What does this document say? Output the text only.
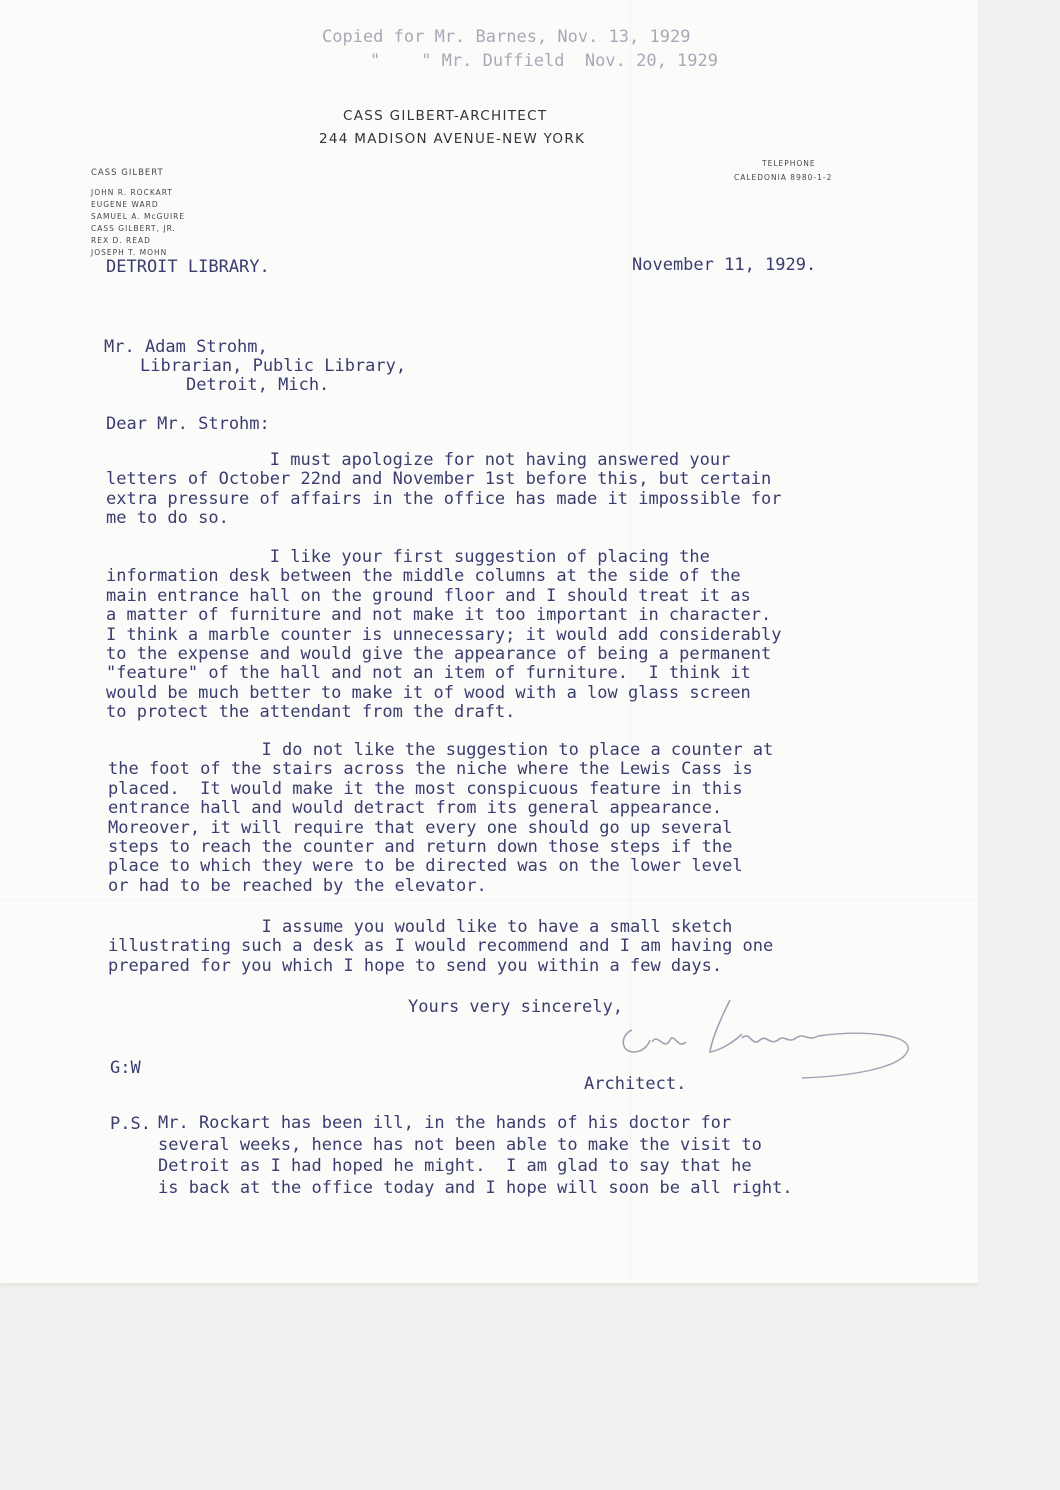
Copied for Mr. Barnes, Nov. 13, 1929

"    " Mr. Duffield  Nov. 20, 1929

CASS GILBERT-ARCHITECT

244 MADISON AVENUE-NEW YORK

CASS GILBERT

JOHN R. ROCKART

EUGENE WARD

SAMUEL A. McGUIRE

CASS GILBERT, JR.

REX D. READ

JOSEPH T. MOHN

TELEPHONE

CALEDONIA 8980-1-2

DETROIT LIBRARY.	November 11, 1929.

Mr. Adam Strohm,

Librarian, Public Library,

Detroit, Mich.

Dear Mr. Strohm:

I must apologize for not having answered your
letters of October 22nd and November 1st before this, but certain
extra pressure of affairs in the office has made it impossible for
me to do so.

I like your first suggestion of placing the
information desk between the middle columns at the side of the
main entrance hall on the ground floor and I should treat it as
a matter of furniture and not make it too important in character.
I think a marble counter is unnecessary; it would add considerably
to the expense and would give the appearance of being a permanent
"feature" of the hall and not an item of furniture.  I think it
would be much better to make it of wood with a low glass screen
to protect the attendant from the draft.

I do not like the suggestion to place a counter at
the foot of the stairs across the niche where the Lewis Cass is
placed.  It would make it the most conspicuous feature in this
entrance hall and would detract from its general appearance.
Moreover, it will require that every one should go up several
steps to reach the counter and return down those steps if the
place to which they were to be directed was on the lower level
or had to be reached by the elevator.

I assume you would like to have a small sketch
illustrating such a desk as I would recommend and I am having one
prepared for you which I hope to send you within a few days.

Yours very sincerely,

G:W

Architect.

P.S. Mr. Rockart has been ill, in the hands of his doctor for
several weeks, hence has not been able to make the visit to
Detroit as I had hoped he might.  I am glad to say that he
is back at the office today and I hope will soon be all right.
